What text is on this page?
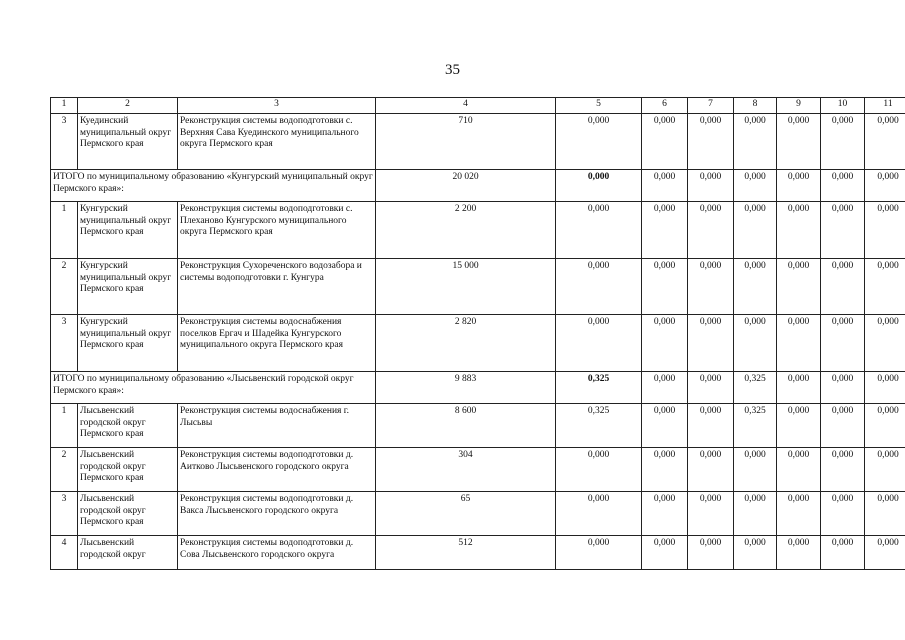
35
1	2	3	4	5	6	7	8	9	10	11
3	Куединский муниципальный округ Пермского края	Реконструкция системы водоподготовки с. Верхняя Сава Куединского муниципального округа Пермского края	710	0,000	0,000	0,000	0,000	0,000	0,000	0,000
ИТОГО по муниципальному образованию «Кунгурский муниципальный округ Пермского края»:			20 020	0,000	0,000	0,000	0,000	0,000	0,000	0,000
1	Кунгурский муниципальный округ Пермского края	Реконструкция системы водоподготовки с. Плеханово Кунгурского муниципального округа Пермского края	2 200	0,000	0,000	0,000	0,000	0,000	0,000	0,000
2	Кунгурский муниципальный округ Пермского края	Реконструкция Сухореченского водозабора и системы водоподготовки г. Кунгура	15 000	0,000	0,000	0,000	0,000	0,000	0,000	0,000
3	Кунгурский муниципальный округ Пермского края	Реконструкция системы водоснабжения поселков Ергач и Шадейка Кунгурского муниципального округа Пермского края	2 820	0,000	0,000	0,000	0,000	0,000	0,000	0,000
ИТОГО по муниципальному образованию «Лысьвенский городской округ Пермского края»:			9 883	0,325	0,000	0,000	0,325	0,000	0,000	0,000
1	Лысьвенский городской округ Пермского края	Реконструкция системы водоснабжения г. Лысьвы	8 600	0,325	0,000	0,000	0,325	0,000	0,000	0,000
2	Лысьвенский городской округ Пермского края	Реконструкция системы водоподготовки д. Аитково Лысьвенского городского округа	304	0,000	0,000	0,000	0,000	0,000	0,000	0,000
3	Лысьвенский городской округ Пермского края	Реконструкция системы водоподготовки д. Вакса Лысьвенского городского округа	65	0,000	0,000	0,000	0,000	0,000	0,000	0,000
4	Лысьвенский городской округ	Реконструкция системы водоподготовки д. Сова Лысьвенского городского округа	512	0,000	0,000	0,000	0,000	0,000	0,000	0,000
